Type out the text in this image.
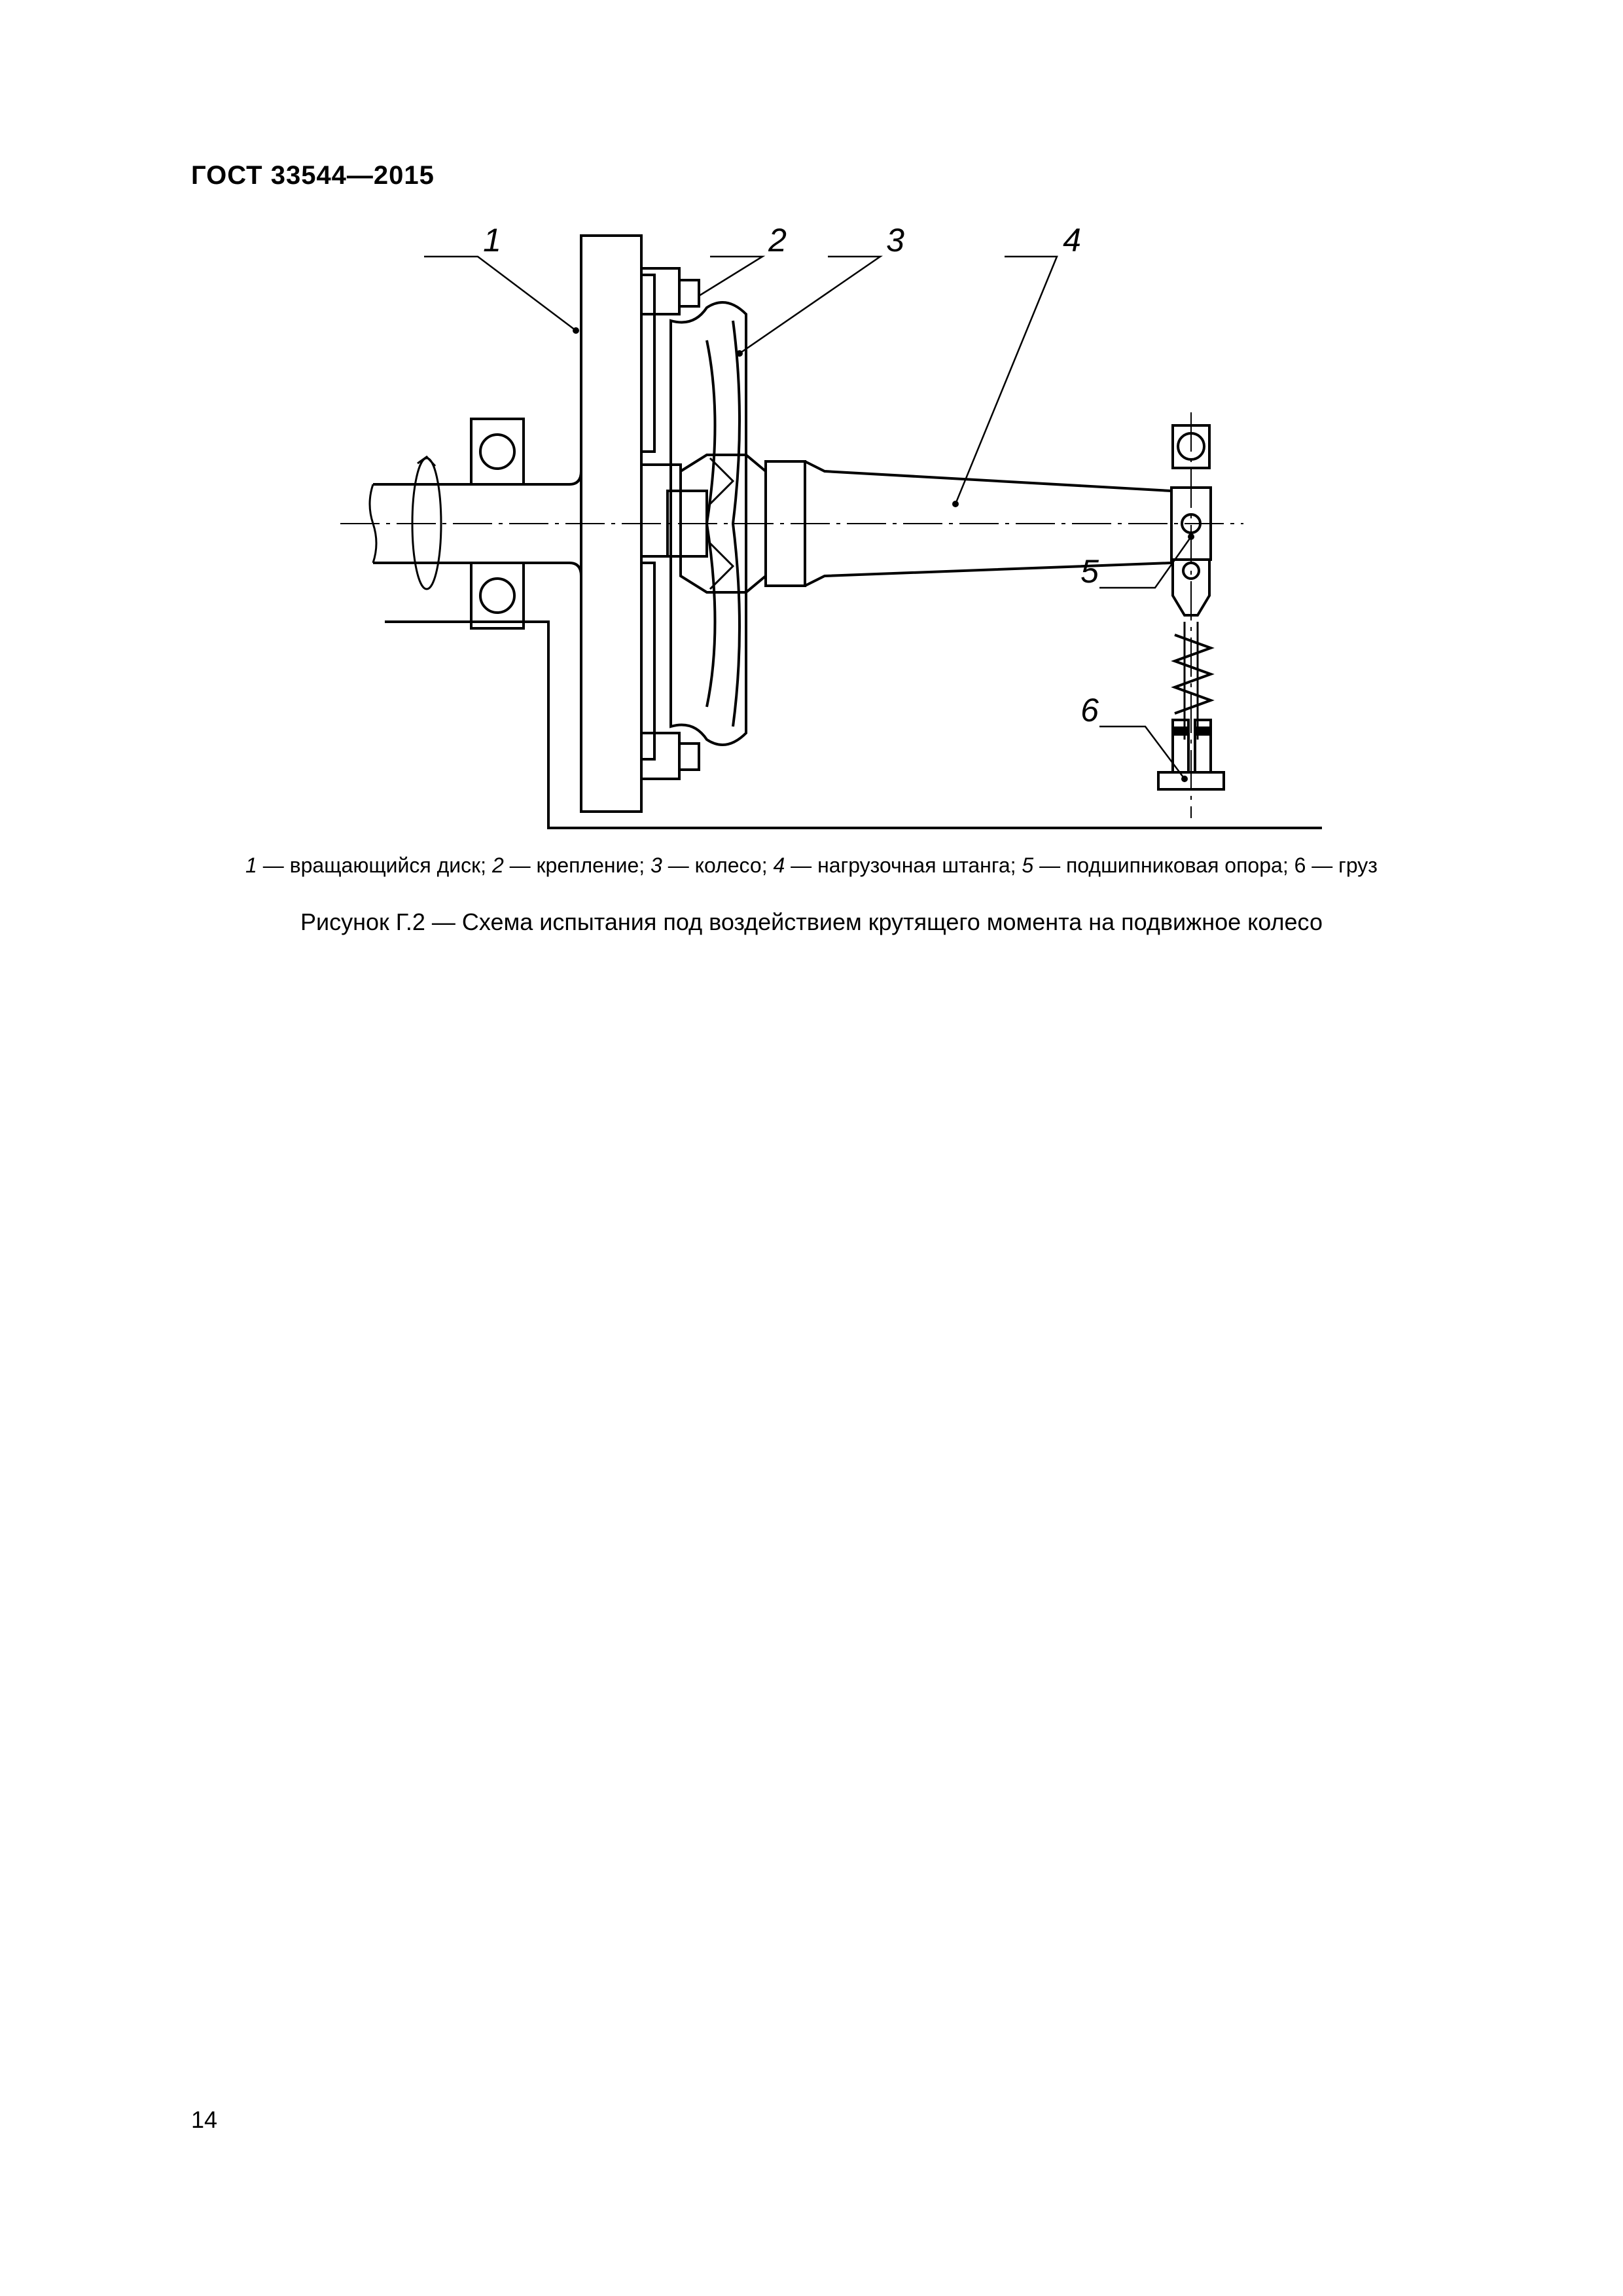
ГОСТ 33544—2015
1	2	3	4
5
6
1 — вращающийся диск; 2 — крепление; 3 — колесо; 4 — нагрузочная штанга; 5 — подшипниковая опора; 6 — груз
Рисунок Г.2 — Схема испытания под воздействием крутящего момента на подвижное колесо
14
